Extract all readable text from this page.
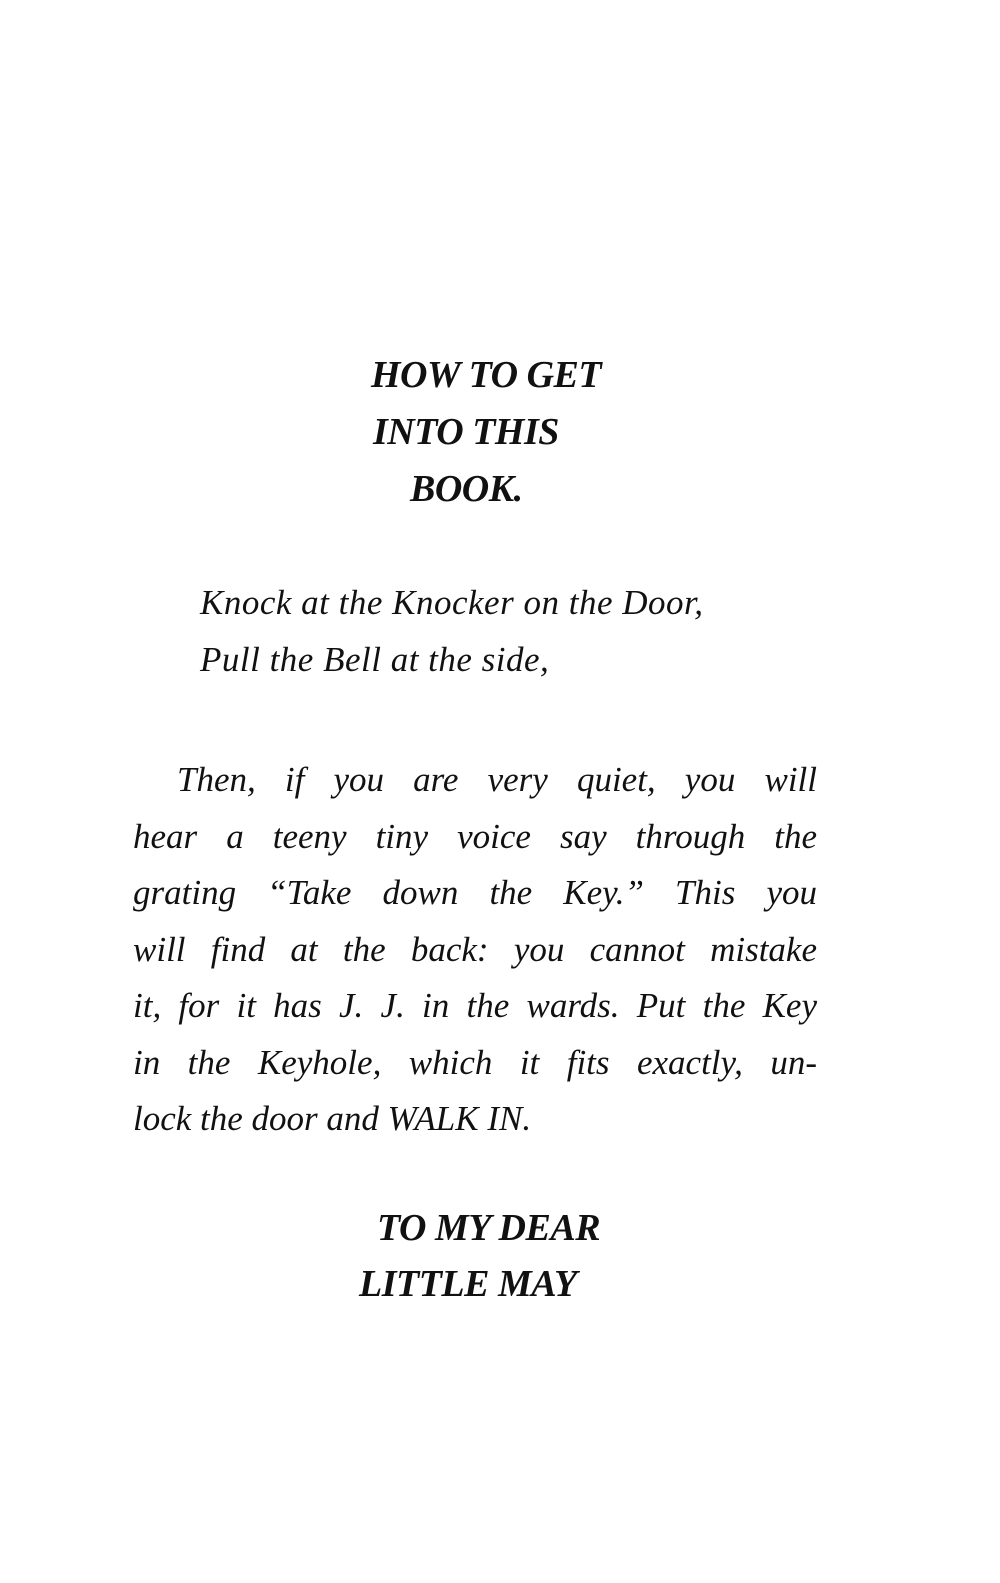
HOW TO GET
INTO THIS
BOOK.
Knock at the Knocker on the Door,
Pull the Bell at the side,
Then, if you are very quiet, you will
hear a teeny tiny voice say through the
grating “Take down the Key.” This you
will find at the back: you cannot mistake
it, for it has J. J. in the wards. Put the Key
in the Keyhole, which it fits exactly, un-
lock the door and WALK IN.
TO MY DEAR
LITTLE MAY
